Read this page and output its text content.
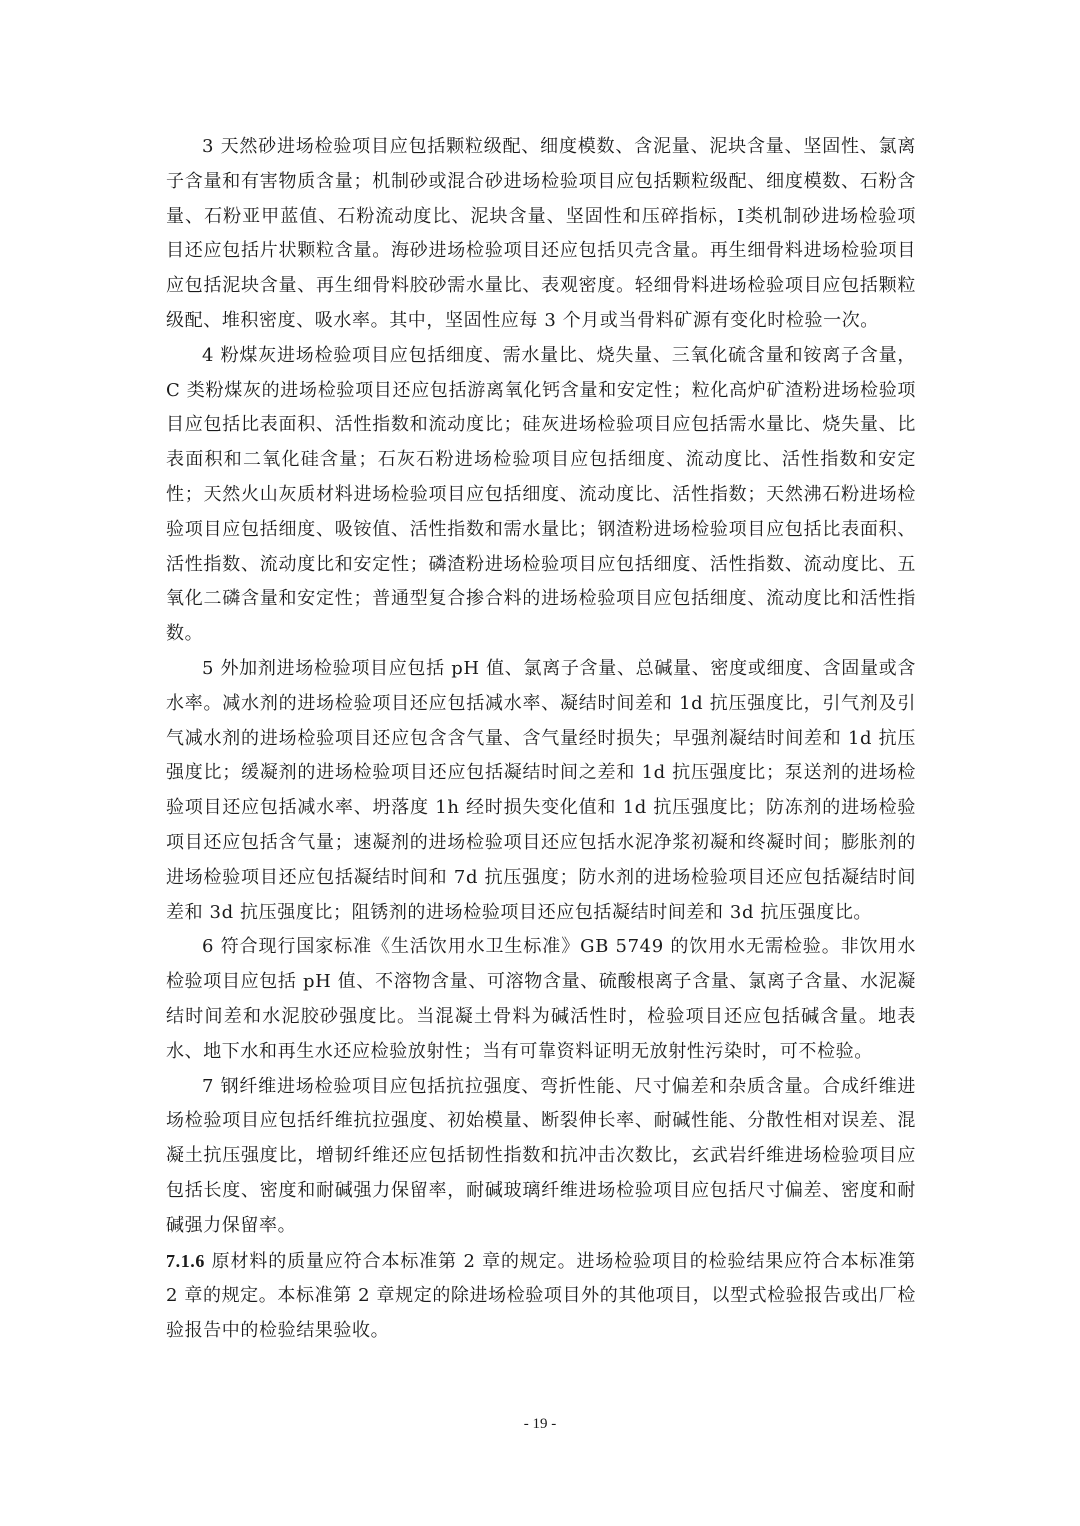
3 天然砂进场检验项目应包括颗粒级配、细度模数、含泥量、泥块含量、坚固性、氯离子含量和有害物质含量；机制砂或混合砂进场检验项目应包括颗粒级配、细度模数、石粉含量、石粉亚甲蓝值、石粉流动度比、泥块含量、坚固性和压碎指标，I类机制砂进场检验项目还应包括片状颗粒含量。海砂进场检验项目还应包括贝壳含量。再生细骨料进场检验项目应包括泥块含量、再生细骨料胶砂需水量比、表观密度。轻细骨料进场检验项目应包括颗粒级配、堆积密度、吸水率。其中，坚固性应每 3 个月或当骨料矿源有变化时检验一次。

4 粉煤灰进场检验项目应包括细度、需水量比、烧失量、三氧化硫含量和铵离子含量，C 类粉煤灰的进场检验项目还应包括游离氧化钙含量和安定性；粒化高炉矿渣粉进场检验项目应包括比表面积、活性指数和流动度比；硅灰进场检验项目应包括需水量比、烧失量、比表面积和二氧化硅含量；石灰石粉进场检验项目应包括细度、流动度比、活性指数和安定性；天然火山灰质材料进场检验项目应包括细度、流动度比、活性指数；天然沸石粉进场检验项目应包括细度、吸铵值、活性指数和需水量比；钢渣粉进场检验项目应包括比表面积、活性指数、流动度比和安定性；磷渣粉进场检验项目应包括细度、活性指数、流动度比、五氧化二磷含量和安定性；普通型复合掺合料的进场检验项目应包括细度、流动度比和活性指数。

5 外加剂进场检验项目应包括 pH 值、氯离子含量、总碱量、密度或细度、含固量或含水率。减水剂的进场检验项目还应包括减水率、凝结时间差和 1d 抗压强度比，引气剂及引气减水剂的进场检验项目还应包含含气量、含气量经时损失；早强剂凝结时间差和 1d 抗压强度比；缓凝剂的进场检验项目还应包括凝结时间之差和 1d 抗压强度比；泵送剂的进场检验项目还应包括减水率、坍落度 1h 经时损失变化值和 1d 抗压强度比；防冻剂的进场检验项目还应包括含气量；速凝剂的进场检验项目还应包括水泥净浆初凝和终凝时间；膨胀剂的进场检验项目还应包括凝结时间和 7d 抗压强度；防水剂的进场检验项目还应包括凝结时间差和 3d 抗压强度比；阻锈剂的进场检验项目还应包括凝结时间差和 3d 抗压强度比。

6 符合现行国家标准《生活饮用水卫生标准》GB 5749 的饮用水无需检验。非饮用水检验项目应包括 pH 值、不溶物含量、可溶物含量、硫酸根离子含量、氯离子含量、水泥凝结时间差和水泥胶砂强度比。当混凝土骨料为碱活性时，检验项目还应包括碱含量。地表水、地下水和再生水还应检验放射性；当有可靠资料证明无放射性污染时，可不检验。

7 钢纤维进场检验项目应包括抗拉强度、弯折性能、尺寸偏差和杂质含量。合成纤维进场检验项目应包括纤维抗拉强度、初始模量、断裂伸长率、耐碱性能、分散性相对误差、混凝土抗压强度比，增韧纤维还应包括韧性指数和抗冲击次数比，玄武岩纤维进场检验项目应包括长度、密度和耐碱强力保留率，耐碱玻璃纤维进场检验项目应包括尺寸偏差、密度和耐碱强力保留率。

7.1.6 原材料的质量应符合本标准第 2 章的规定。进场检验项目的检验结果应符合本标准第 2 章的规定。本标准第 2 章规定的除进场检验项目外的其他项目，以型式检验报告或出厂检验报告中的检验结果验收。

- 19 -
